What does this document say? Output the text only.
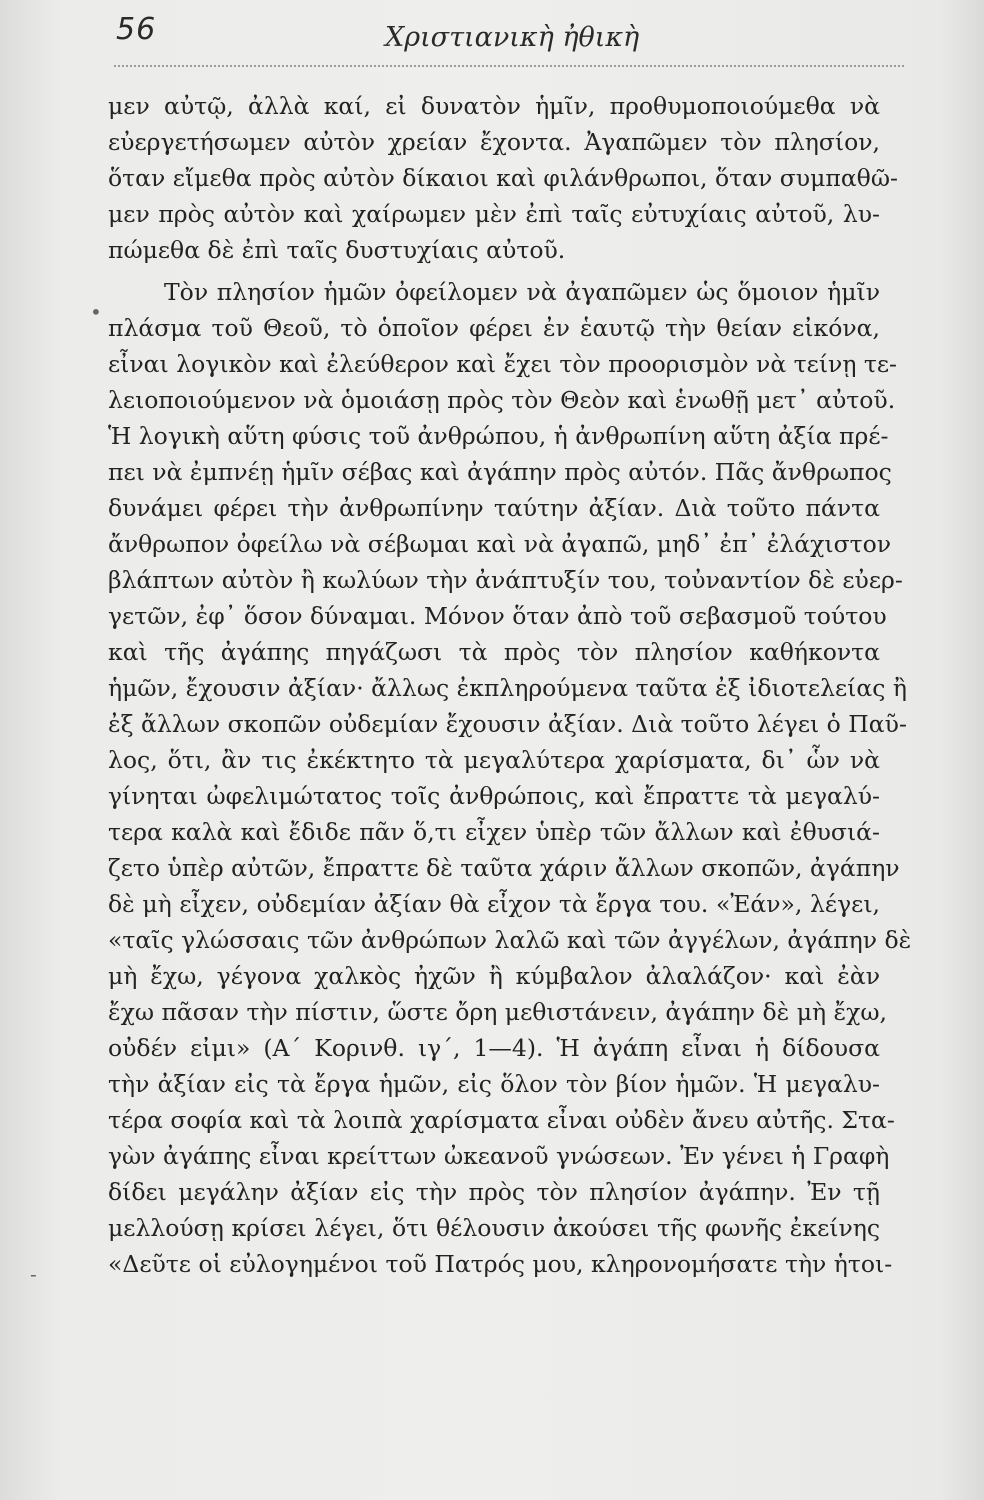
56	Χριστιανικὴ ἠθικὴ
μεν αὐτῷ, ἀλλὰ καί, εἰ δυνατὸν ἡμῖν, προθυμοποιούμεθα νὰ
εὐεργετήσωμεν αὐτὸν χρείαν ἔχοντα. Ἀγαπῶμεν τὸν πλησίον,
ὅταν εἴμεθα πρὸς αὐτὸν δίκαιοι καὶ φιλάνθρωποι, ὅταν συμπαθῶ-
μεν πρὸς αὐτὸν καὶ χαίρωμεν μὲν ἐπὶ ταῖς εὐτυχίαις αὐτοῦ, λυ-
πώμεθα δὲ ἐπὶ ταῖς δυστυχίαις αὐτοῦ.
Τὸν πλησίον ἡμῶν ὀφείλομεν νὰ ἀγαπῶμεν ὡς ὅμοιον ἡμῖν
πλάσμα τοῦ Θεοῦ, τὸ ὁποῖον φέρει ἐν ἑαυτῷ τὴν θείαν εἰκόνα,
εἶναι λογικὸν καὶ ἐλεύθερον καὶ ἔχει τὸν προορισμὸν νὰ τείνῃ τε-
λειοποιούμενον νὰ ὁμοιάσῃ πρὸς τὸν Θεὸν καὶ ἑνωθῇ μετ᾽ αὐτοῦ.
Ἡ λογικὴ αὕτη φύσις τοῦ ἀνθρώπου, ἡ ἀνθρωπίνη αὕτη ἀξία πρέ-
πει νὰ ἐμπνέῃ ἡμῖν σέβας καὶ ἀγάπην πρὸς αὐτόν. Πᾶς ἄνθρωπος
δυνάμει φέρει τὴν ἀνθρωπίνην ταύτην ἀξίαν. Διὰ τοῦτο πάντα
ἄνθρωπον ὀφείλω νὰ σέβωμαι καὶ νὰ ἀγαπῶ, μηδ᾽ ἐπ᾽ ἐλάχιστον
βλάπτων αὐτὸν ἢ κωλύων τὴν ἀνάπτυξίν του, τοὐναντίον δὲ εὐερ-
γετῶν, ἐφ᾽ ὅσον δύναμαι. Μόνον ὅταν ἀπὸ τοῦ σεβασμοῦ τούτου
καὶ τῆς ἀγάπης πηγάζωσι τὰ πρὸς τὸν πλησίον καθήκοντα
ἡμῶν, ἔχουσιν ἀξίαν· ἄλλως ἐκπληρούμενα ταῦτα ἐξ ἰδιοτελείας ἢ
ἐξ ἄλλων σκοπῶν οὐδεμίαν ἔχουσιν ἀξίαν. Διὰ τοῦτο λέγει ὁ Παῦ-
λος, ὅτι, ἂν τις ἐκέκτητο τὰ μεγαλύτερα χαρίσματα, δι᾽ ὧν νὰ
γίνηται ὠφελιμώτατος τοῖς ἀνθρώποις, καὶ ἔπραττε τὰ μεγαλύ-
τερα καλὰ καὶ ἔδιδε πᾶν ὅ,τι εἶχεν ὑπὲρ τῶν ἄλλων καὶ ἐθυσιά-
ζετο ὑπὲρ αὐτῶν, ἔπραττε δὲ ταῦτα χάριν ἄλλων σκοπῶν, ἀγάπην
δὲ μὴ εἶχεν, οὐδεμίαν ἀξίαν θὰ εἶχον τὰ ἔργα του. «Ἐάν», λέγει,
«ταῖς γλώσσαις τῶν ἀνθρώπων λαλῶ καὶ τῶν ἀγγέλων, ἀγάπην δὲ
μὴ ἔχω, γέγονα χαλκὸς ἠχῶν ἢ κύμβαλον ἀλαλάζον· καὶ ἐὰν
ἔχω πᾶσαν τὴν πίστιν, ὥστε ὄρη μεθιστάνειν, ἀγάπην δὲ μὴ ἔχω,
οὐδέν εἰμι» (Α΄ Κορινθ. ιγ΄, 1—4). Ἡ ἀγάπη εἶναι ἡ δίδουσα
τὴν ἀξίαν εἰς τὰ ἔργα ἡμῶν, εἰς ὅλον τὸν βίον ἡμῶν. Ἡ μεγαλυ-
τέρα σοφία καὶ τὰ λοιπὰ χαρίσματα εἶναι οὐδὲν ἄνευ αὐτῆς. Στα-
γὼν ἀγάπης εἶναι κρείττων ὠκεανοῦ γνώσεων. Ἐν γένει ἡ Γραφὴ
δίδει μεγάλην ἀξίαν εἰς τὴν πρὸς τὸν πλησίον ἀγάπην. Ἐν τῇ
μελλούσῃ κρίσει λέγει, ὅτι θέλουσιν ἀκούσει τῆς φωνῆς ἐκείνης
«Δεῦτε οἱ εὐλογημένοι τοῦ Πατρός μου, κληρονομήσατε τὴν ἡτοι-
•
-
